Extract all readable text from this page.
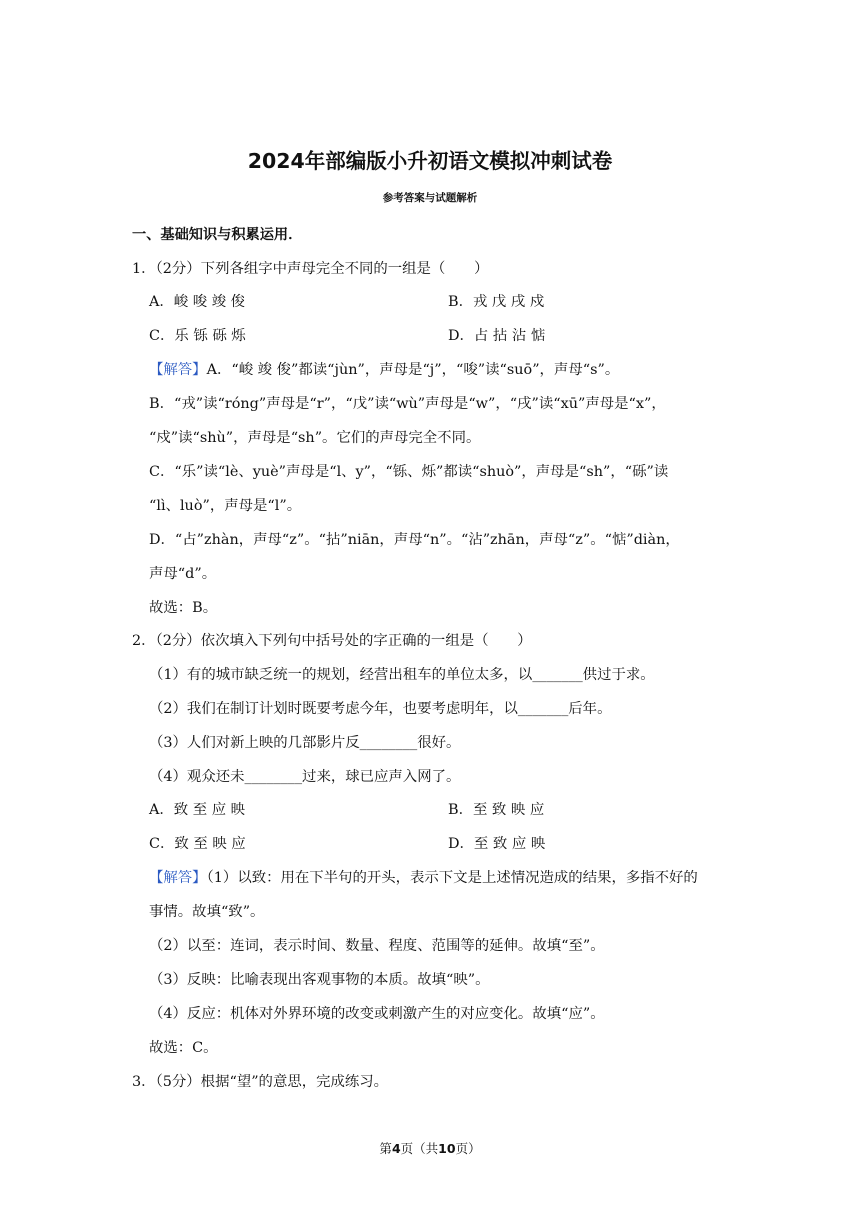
2024年部编版小升初语文模拟冲刺试卷
参考答案与试题解析
一、基础知识与积累运用．
1．（2分）下列各组字中声母完全不同的一组是（　　）
A．峻 唆 竣 俊	B．戎 戊 戌 戍
C．乐 铄 砾 烁	D．占 拈 沾 惦
【解答】A．“峻 竣 俊”都读“jùn”，声母是“j”，“唆”读“suō”，声母“s”。
B．“戎”读“róng”声母是“r”，“戊”读“wù”声母是“w”，“戌”读“xū”声母是“x”，
“戍”读“shù”，声母是“sh”。它们的声母完全不同。
C．“乐”读“lè、yuè”声母是“l、y”，“铄、烁”都读“shuò”，声母是“sh”，“砾”读
“lì、luò”，声母是“l”。
D．“占”zhàn，声母“z”。“拈”niān，声母“n”。“沾”zhān，声母“z”。“惦”diàn，
声母“d”。
故选：B。
2．（2分）依次填入下列句中括号处的字正确的一组是（　　）
（1）有的城市缺乏统一的规划，经营出租车的单位太多，以_______供过于求。
（2）我们在制订计划时既要考虑今年，也要考虑明年，以_______后年。
（3）人们对新上映的几部影片反________很好。
（4）观众还未________过来，球已应声入网了。
A．致 至 应 映	B．至 致 映 应
C．致 至 映 应	D．至 致 应 映
【解答】（1）以致：用在下半句的开头，表示下文是上述情况造成的结果，多指不好的
事情。故填“致”。
（2）以至：连词，表示时间、数量、程度、范围等的延伸。故填“至”。
（3）反映：比喻表现出客观事物的本质。故填“映”。
（4）反应：机体对外界环境的改变或刺激产生的对应变化。故填“应”。
故选：C。
3．（5分）根据“望”的意思，完成练习。
第4页（共10页）
